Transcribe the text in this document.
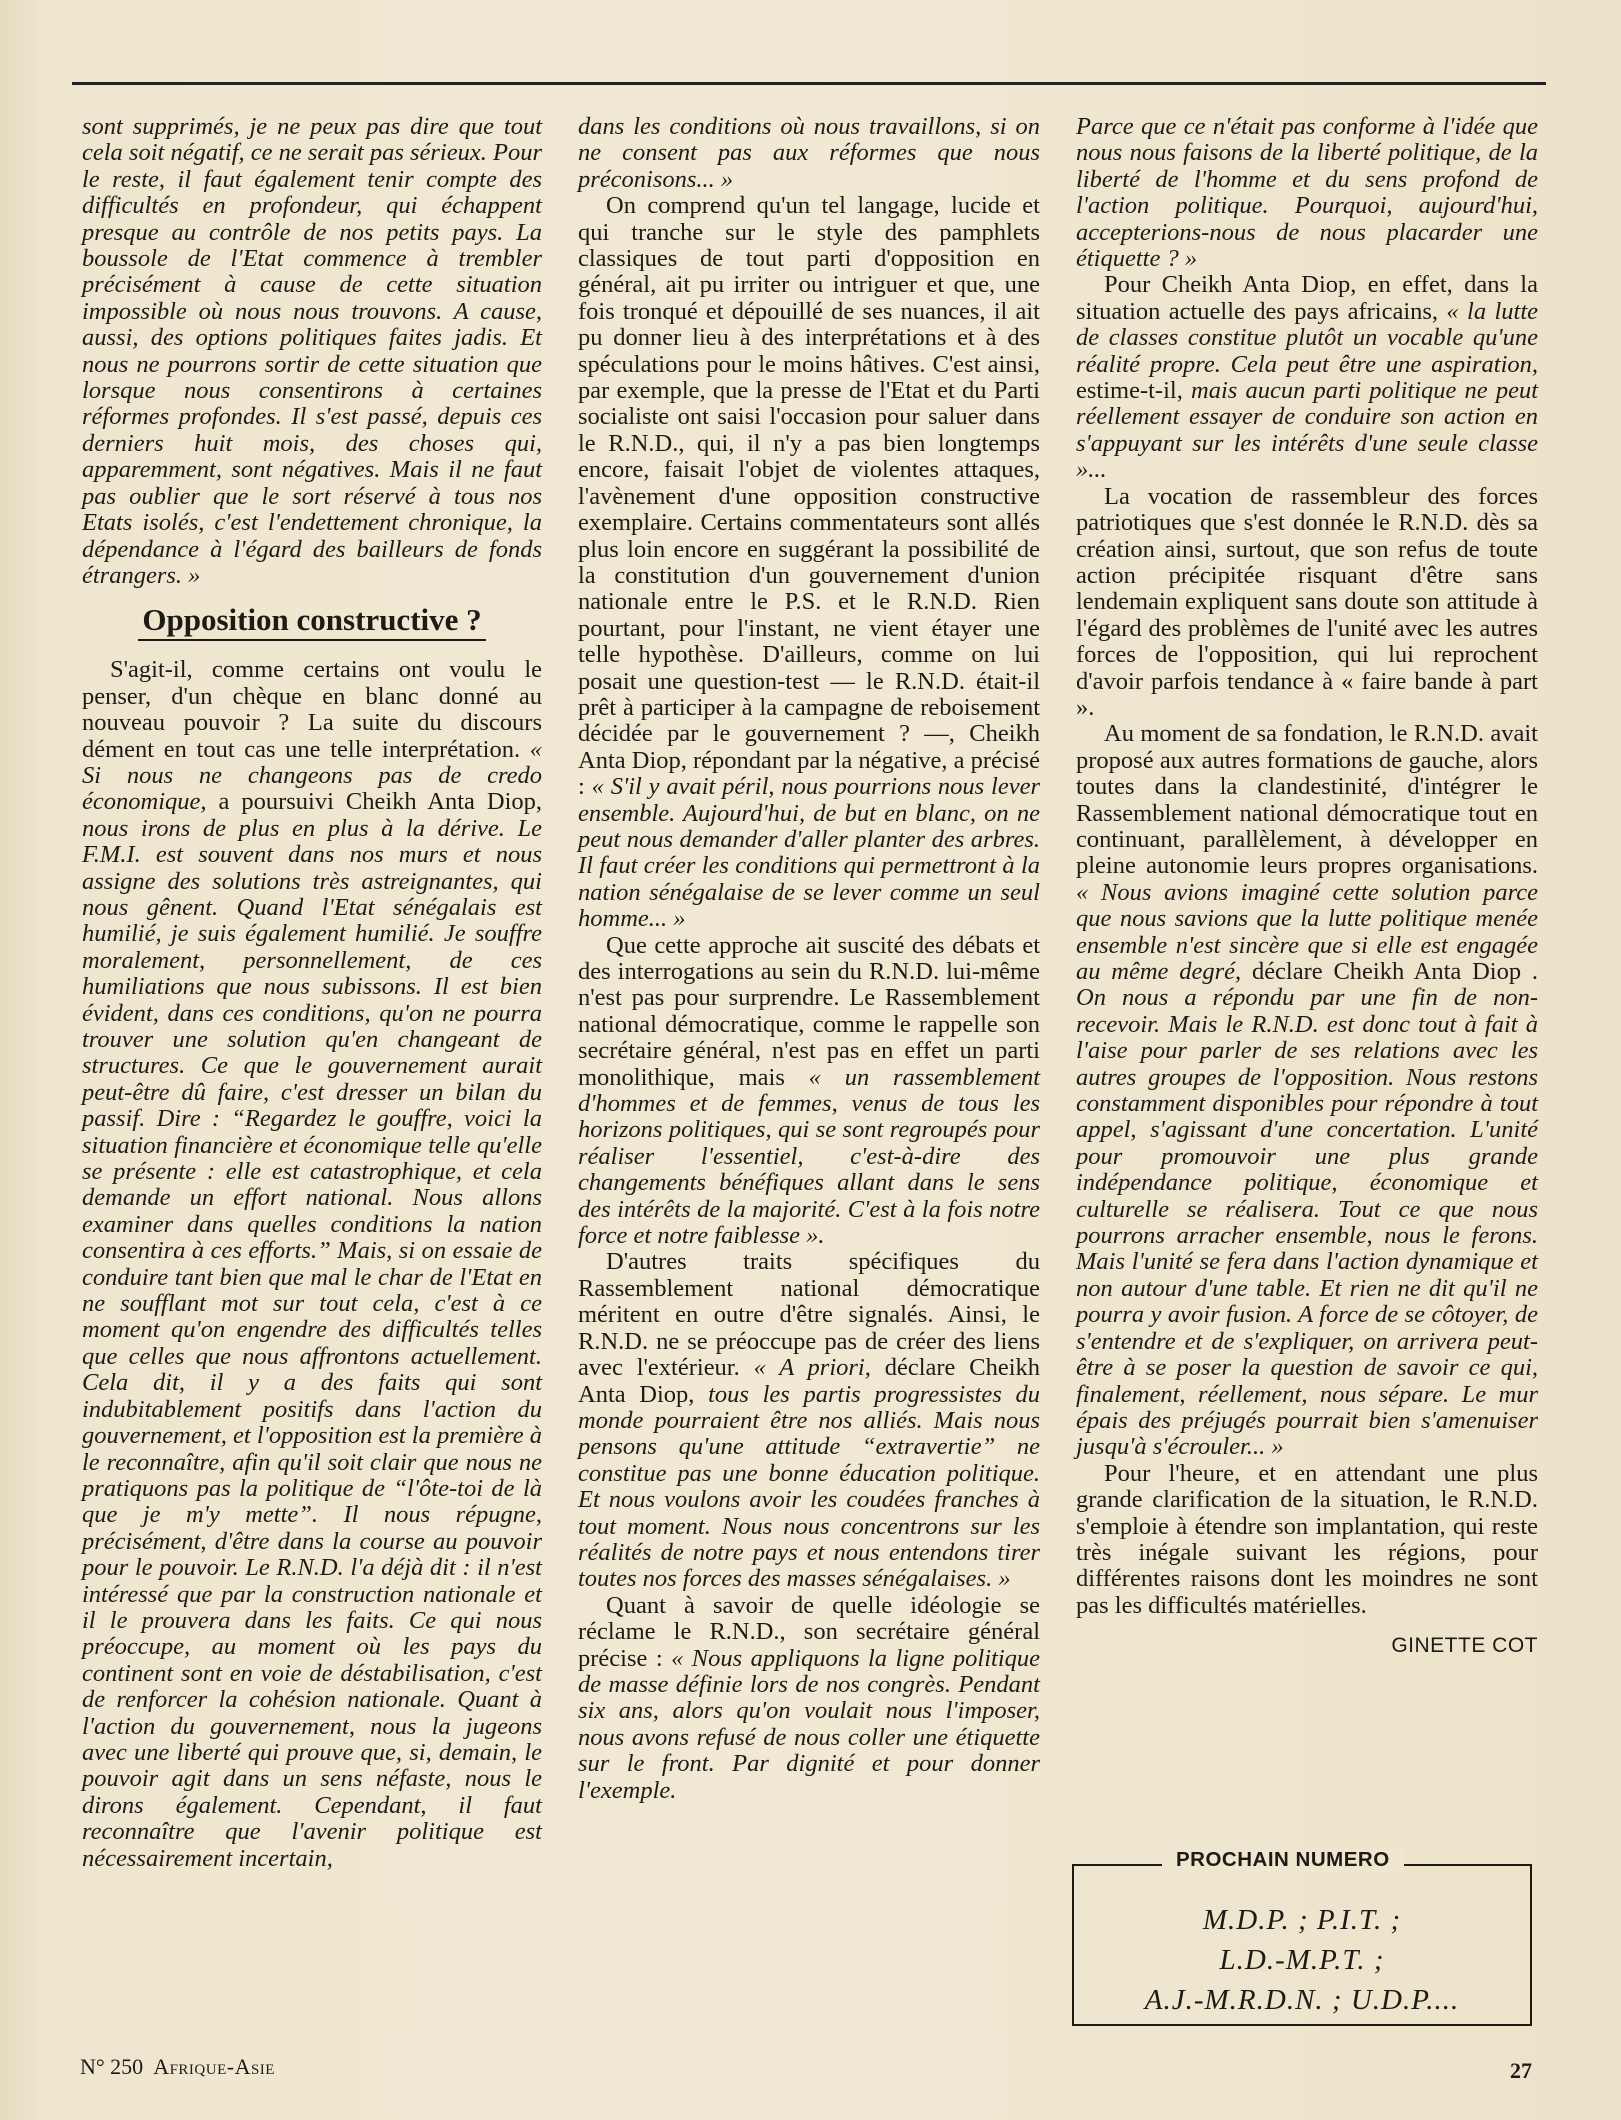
sont supprimés, je ne peux pas dire que tout cela soit négatif, ce ne serait pas sérieux. Pour le reste, il faut également tenir compte des difficultés en profondeur, qui échappent presque au contrôle de nos petits pays. La boussole de l'Etat commence à trembler précisément à cause de cette situation impossible où nous nous trouvons. A cause, aussi, des options politiques faites jadis. Et nous ne pourrons sortir de cette situation que lorsque nous consentirons à certaines réformes profondes. Il s'est passé, depuis ces derniers huit mois, des choses qui, apparemment, sont négatives. Mais il ne faut pas oublier que le sort réservé à tous nos Etats isolés, c'est l'endettement chronique, la dépendance à l'égard des bailleurs de fonds étrangers. »

Opposition constructive ?

S'agit-il, comme certains ont voulu le penser, d'un chèque en blanc donné au nouveau pouvoir ? La suite du discours dément en tout cas une telle interprétation. « Si nous ne changeons pas de credo économique, a poursuivi Cheikh Anta Diop, nous irons de plus en plus à la dérive. Le F.M.I. est souvent dans nos murs et nous assigne des solutions très astreignantes, qui nous gênent. Quand l'Etat sénégalais est humilié, je suis également humilié. Je souffre moralement, personnellement, de ces humiliations que nous subissons. Il est bien évident, dans ces conditions, qu'on ne pourra trouver une solution qu'en changeant de structures. Ce que le gouvernement aurait peut-être dû faire, c'est dresser un bilan du passif. Dire : “Regardez le gouffre, voici la situation financière et économique telle qu'elle se présente : elle est catastrophique, et cela demande un effort national. Nous allons examiner dans quelles conditions la nation consentira à ces efforts.” Mais, si on essaie de conduire tant bien que mal le char de l'Etat en ne soufflant mot sur tout cela, c'est à ce moment qu'on engendre des difficultés telles que celles que nous affrontons actuellement. Cela dit, il y a des faits qui sont indubitablement positifs dans l'action du gouvernement, et l'opposition est la première à le reconnaître, afin qu'il soit clair que nous ne pratiquons pas la politique de “l'ôte-toi de là que je m'y mette”. Il nous répugne, précisément, d'être dans la course au pouvoir pour le pouvoir. Le R.N.D. l'a déjà dit : il n'est intéressé que par la construction nationale et il le prouvera dans les faits. Ce qui nous préoccupe, au moment où les pays du continent sont en voie de déstabilisation, c'est de renforcer la cohésion nationale. Quant à l'action du gouvernement, nous la jugeons avec une liberté qui prouve que, si, demain, le pouvoir agit dans un sens néfaste, nous le dirons également. Cependant, il faut reconnaître que l'avenir politique est nécessairement incertain,

dans les conditions où nous travaillons, si on ne consent pas aux réformes que nous préconisons... »

On comprend qu'un tel langage, lucide et qui tranche sur le style des pamphlets classiques de tout parti d'opposition en général, ait pu irriter ou intriguer et que, une fois tronqué et dépouillé de ses nuances, il ait pu donner lieu à des interprétations et à des spéculations pour le moins hâtives. C'est ainsi, par exemple, que la presse de l'Etat et du Parti socialiste ont saisi l'occasion pour saluer dans le R.N.D., qui, il n'y a pas bien longtemps encore, faisait l'objet de violentes attaques, l'avènement d'une opposition constructive exemplaire. Certains commentateurs sont allés plus loin encore en suggérant la possibilité de la constitution d'un gouvernement d'union nationale entre le P.S. et le R.N.D. Rien pourtant, pour l'instant, ne vient étayer une telle hypothèse. D'ailleurs, comme on lui posait une question-test — le R.N.D. était-il prêt à participer à la campagne de reboisement décidée par le gouvernement ? —, Cheikh Anta Diop, répondant par la négative, a précisé : « S'il y avait péril, nous pourrions nous lever ensemble. Aujourd'hui, de but en blanc, on ne peut nous demander d'aller planter des arbres. Il faut créer les conditions qui permettront à la nation sénégalaise de se lever comme un seul homme... »

Que cette approche ait suscité des débats et des interrogations au sein du R.N.D. lui-même n'est pas pour surprendre. Le Rassemblement national démocratique, comme le rappelle son secrétaire général, n'est pas en effet un parti monolithique, mais « un rassemblement d'hommes et de femmes, venus de tous les horizons politiques, qui se sont regroupés pour réaliser l'essentiel, c'est-à-dire des changements bénéfiques allant dans le sens des intérêts de la majorité. C'est à la fois notre force et notre faiblesse ».

D'autres traits spécifiques du Rassemblement national démocratique méritent en outre d'être signalés. Ainsi, le R.N.D. ne se préoccupe pas de créer des liens avec l'extérieur. « A priori, déclare Cheikh Anta Diop, tous les partis progressistes du monde pourraient être nos alliés. Mais nous pensons qu'une attitude “extravertie” ne constitue pas une bonne éducation politique. Et nous voulons avoir les coudées franches à tout moment. Nous nous concentrons sur les réalités de notre pays et nous entendons tirer toutes nos forces des masses sénégalaises. »

Quant à savoir de quelle idéologie se réclame le R.N.D., son secrétaire général précise : « Nous appliquons la ligne politique de masse définie lors de nos congrès. Pendant six ans, alors qu'on voulait nous l'imposer, nous avons refusé de nous coller une étiquette sur le front. Par dignité et pour donner l'exemple.

Parce que ce n'était pas conforme à l'idée que nous nous faisons de la liberté politique, de la liberté de l'homme et du sens profond de l'action politique. Pourquoi, aujourd'hui, accepterions-nous de nous placarder une étiquette ? »

Pour Cheikh Anta Diop, en effet, dans la situation actuelle des pays africains, « la lutte de classes constitue plutôt un vocable qu'une réalité propre. Cela peut être une aspiration, estime-t-il, mais aucun parti politique ne peut réellement essayer de conduire son action en s'appuyant sur les intérêts d'une seule classe »...

La vocation de rassembleur des forces patriotiques que s'est donnée le R.N.D. dès sa création ainsi, surtout, que son refus de toute action précipitée risquant d'être sans lendemain expliquent sans doute son attitude à l'égard des problèmes de l'unité avec les autres forces de l'opposition, qui lui reprochent d'avoir parfois tendance à « faire bande à part ».

Au moment de sa fondation, le R.N.D. avait proposé aux autres formations de gauche, alors toutes dans la clandestinité, d'intégrer le Rassemblement national démocratique tout en continuant, parallèlement, à développer en pleine autonomie leurs propres organisations. « Nous avions imaginé cette solution parce que nous savions que la lutte politique menée ensemble n'est sincère que si elle est engagée au même degré, déclare Cheikh Anta Diop . On nous a répondu par une fin de non-recevoir. Mais le R.N.D. est donc tout à fait à l'aise pour parler de ses relations avec les autres groupes de l'opposition. Nous restons constamment disponibles pour répondre à tout appel, s'agissant d'une concertation. L'unité pour promouvoir une plus grande indépendance politique, économique et culturelle se réalisera. Tout ce que nous pourrons arracher ensemble, nous le ferons. Mais l'unité se fera dans l'action dynamique et non autour d'une table. Et rien ne dit qu'il ne pourra y avoir fusion. A force de se côtoyer, de s'entendre et de s'expliquer, on arrivera peut-être à se poser la question de savoir ce qui, finalement, réellement, nous sépare. Le mur épais des préjugés pourrait bien s'amenuiser jusqu'à s'écrouler... »

Pour l'heure, et en attendant une plus grande clarification de la situation, le R.N.D. s'emploie à étendre son implantation, qui reste très inégale suivant les régions, pour différentes raisons dont les moindres ne sont pas les difficultés matérielles.

GINETTE COT

PROCHAIN NUMERO
M.D.P. ; P.I.T. ;
L.D.-M.P.T. ;
A.J.-M.R.D.N. ; U.D.P....
N° 250 Afrique-Asie	27
